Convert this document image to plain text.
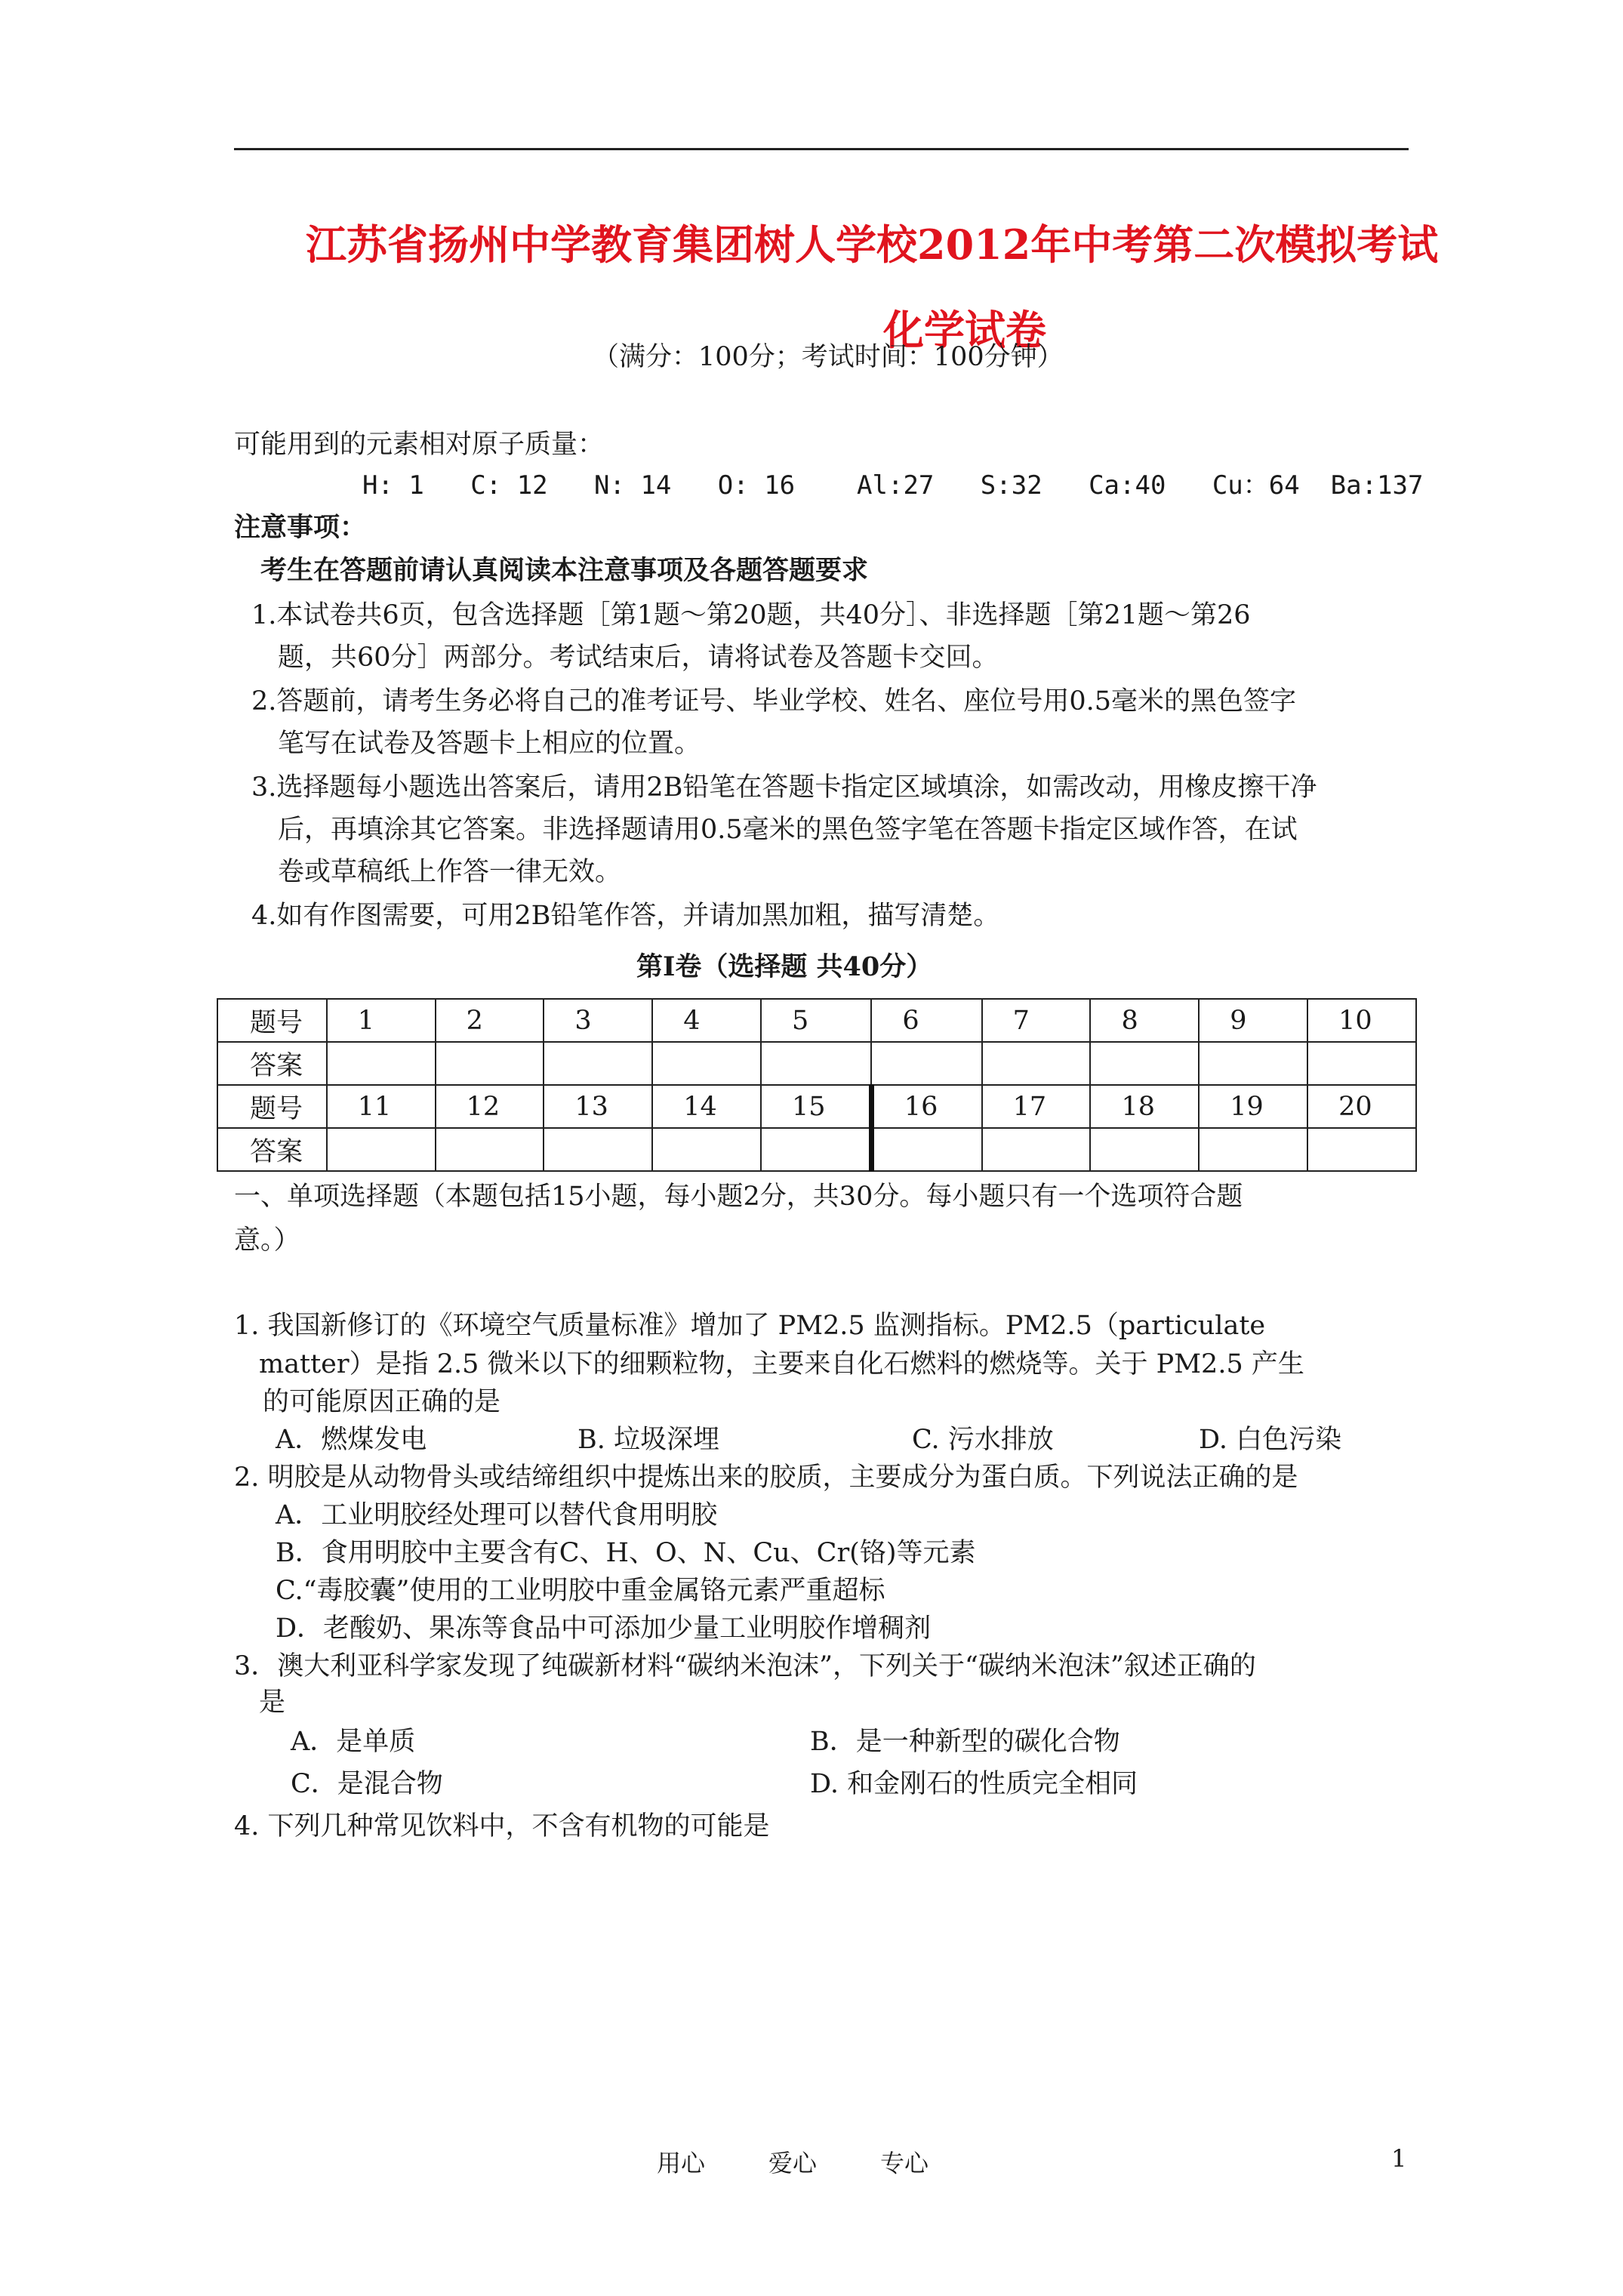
江苏省扬州中学教育集团树人学校2012年中考第二次模拟考试
化学试卷
（满分：100分；考试时间：100分钟）
可能用到的元素相对原子质量：
H: 1   C: 12   N: 14   O: 16    Al:27   S:32   Ca:40   Cu：64  Ba:137
注意事项：
考生在答题前请认真阅读本注意事项及各题答题要求
1.本试卷共6页，包含选择题［第1题～第20题，共40分］、非选择题［第21题～第26
题，共60分］两部分。考试结束后，请将试卷及答题卡交回。
2.答题前，请考生务必将自己的准考证号、毕业学校、姓名、座位号用0.5毫米的黑色签字
笔写在试卷及答题卡上相应的位置。
3.选择题每小题选出答案后，请用2B铅笔在答题卡指定区域填涂，如需改动，用橡皮擦干净
后，再填涂其它答案。非选择题请用0.5毫米的黑色签字笔在答题卡指定区域作答，在试
卷或草稿纸上作答一律无效。
4.如有作图需要，可用2B铅笔作答，并请加黑加粗，描写清楚。
第Ⅰ卷（选择题 共40分）
题号	1	2	3	4	5	6	7	8	9	10
答案										
题号	11	12	13	14	15	16	17	18	19	20
答案										
一、单项选择题（本题包括15小题，每小题2分，共30分。每小题只有一个选项符合题
意。）
1. 我国新修订的《环境空气质量标准》增加了 PM2.5 监测指标。PM2.5（particulate
matter）是指 2.5 微米以下的细颗粒物，主要来自化石燃料的燃烧等。关于 PM2.5 产生
的可能原因正确的是
A．燃煤发电	B. 垃圾深埋	C. 污水排放	D. 白色污染
2. 明胶是从动物骨头或结缔组织中提炼出来的胶质，主要成分为蛋白质。下列说法正确的是
A．工业明胶经处理可以替代食用明胶
B．食用明胶中主要含有C、H、O、N、Cu、Cr(铬)等元素
C.“毒胶囊”使用的工业明胶中重金属铬元素严重超标
D．老酸奶、果冻等食品中可添加少量工业明胶作增稠剂
3．澳大利亚科学家发现了纯碳新材料“碳纳米泡沫”，下列关于“碳纳米泡沫”叙述正确的
是
A．是单质	B．是一种新型的碳化合物
C．是混合物	D. 和金刚石的性质完全相同
4. 下列几种常见饮料中，不含有机物的可能是
用心	爱心	专心	1
